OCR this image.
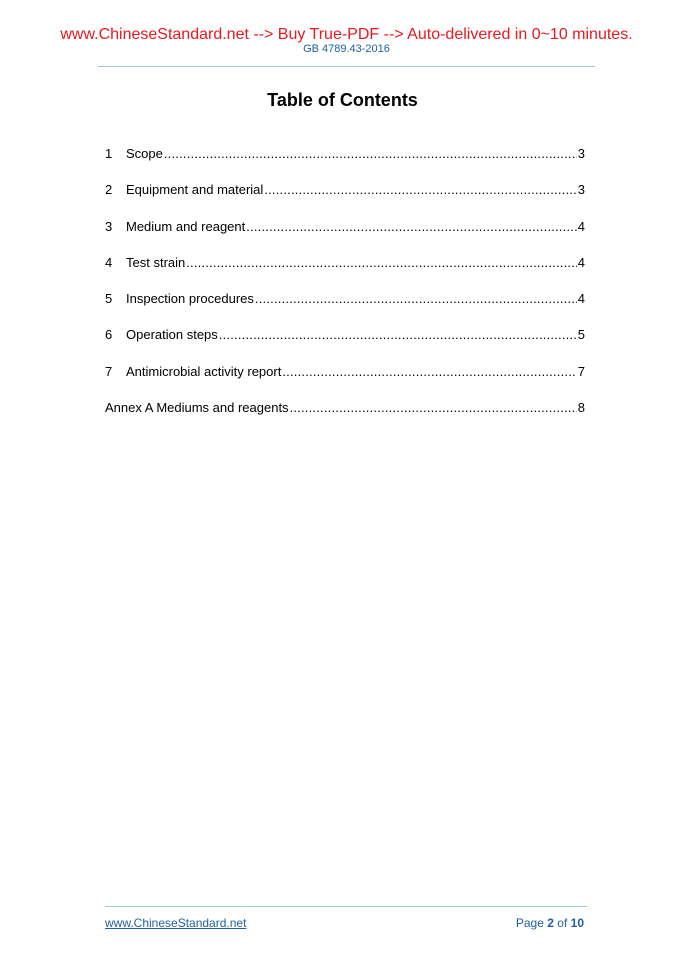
www.ChineseStandard.net --> Buy True-PDF --> Auto-delivered in 0~10 minutes.
GB 4789.43-2016
Table of Contents
1	Scope .....	3
2	Equipment and material .....	3
3	Medium and reagent .....	4
4	Test strain .....	4
5	Inspection procedures .....	4
6	Operation steps .....	5
7	Antimicrobial activity report .....	7
Annex A Mediums and reagents .....	8
www.ChineseStandard.net	Page 2 of 10
